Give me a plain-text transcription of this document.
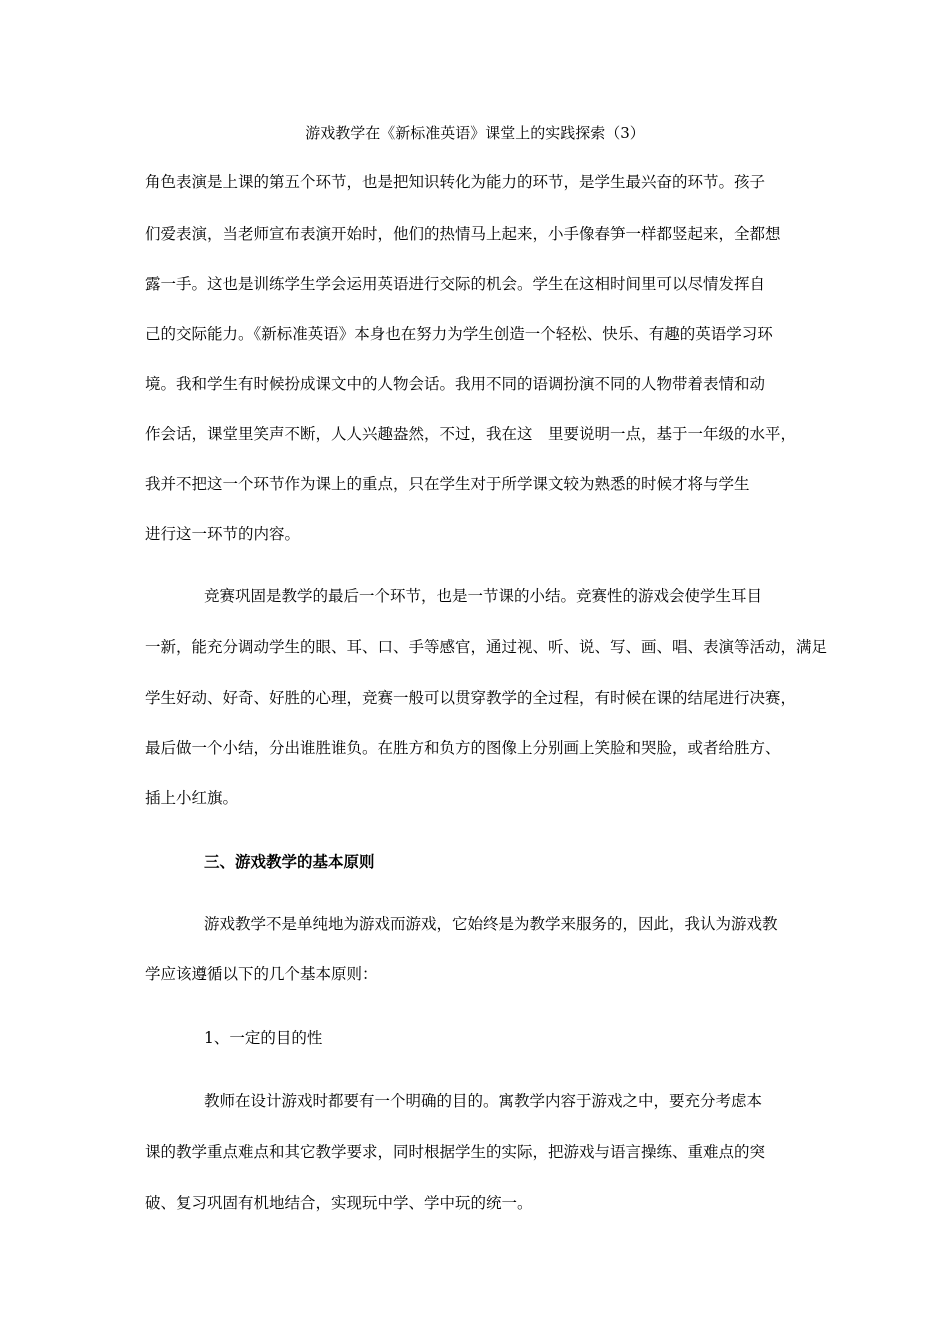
游戏教学在《新标准英语》课堂上的实践探索（3）
角色表演是上课的第五个环节，也是把知识转化为能力的环节，是学生最兴奋的环节。孩子
们爱表演，当老师宣布表演开始时，他们的热情马上起来，小手像春笋一样都竖起来，全都想
露一手。这也是训练学生学会运用英语进行交际的机会。学生在这相时间里可以尽情发挥自
己的交际能力。《新标准英语》本身也在努力为学生创造一个轻松、快乐、有趣的英语学习环
境。我和学生有时候扮成课文中的人物会话。我用不同的语调扮演不同的人物带着表情和动
作会话，课堂里笑声不断，人人兴趣盎然，不过，我在这　里要说明一点，基于一年级的水平，
我并不把这一个环节作为课上的重点，只在学生对于所学课文较为熟悉的时候才将与学生
进行这一环节的内容。
竞赛巩固是教学的最后一个环节，也是一节课的小结。竞赛性的游戏会使学生耳目
一新，能充分调动学生的眼、耳、口、手等感官，通过视、听、说、写、画、唱、表演等活动，满足
学生好动、好奇、好胜的心理，竞赛一般可以贯穿教学的全过程，有时候在课的结尾进行决赛，
最后做一个小结，分出谁胜谁负。在胜方和负方的图像上分别画上笑脸和哭脸，或者给胜方、
插上小红旗。
三、游戏教学的基本原则
游戏教学不是单纯地为游戏而游戏，它始终是为教学来服务的，因此，我认为游戏教
学应该遵循以下的几个基本原则：
1、一定的目的性
教师在设计游戏时都要有一个明确的目的。寓教学内容于游戏之中，要充分考虑本
课的教学重点难点和其它教学要求，同时根据学生的实际，把游戏与语言操练、重难点的突
破、复习巩固有机地结合，实现玩中学、学中玩的统一。
